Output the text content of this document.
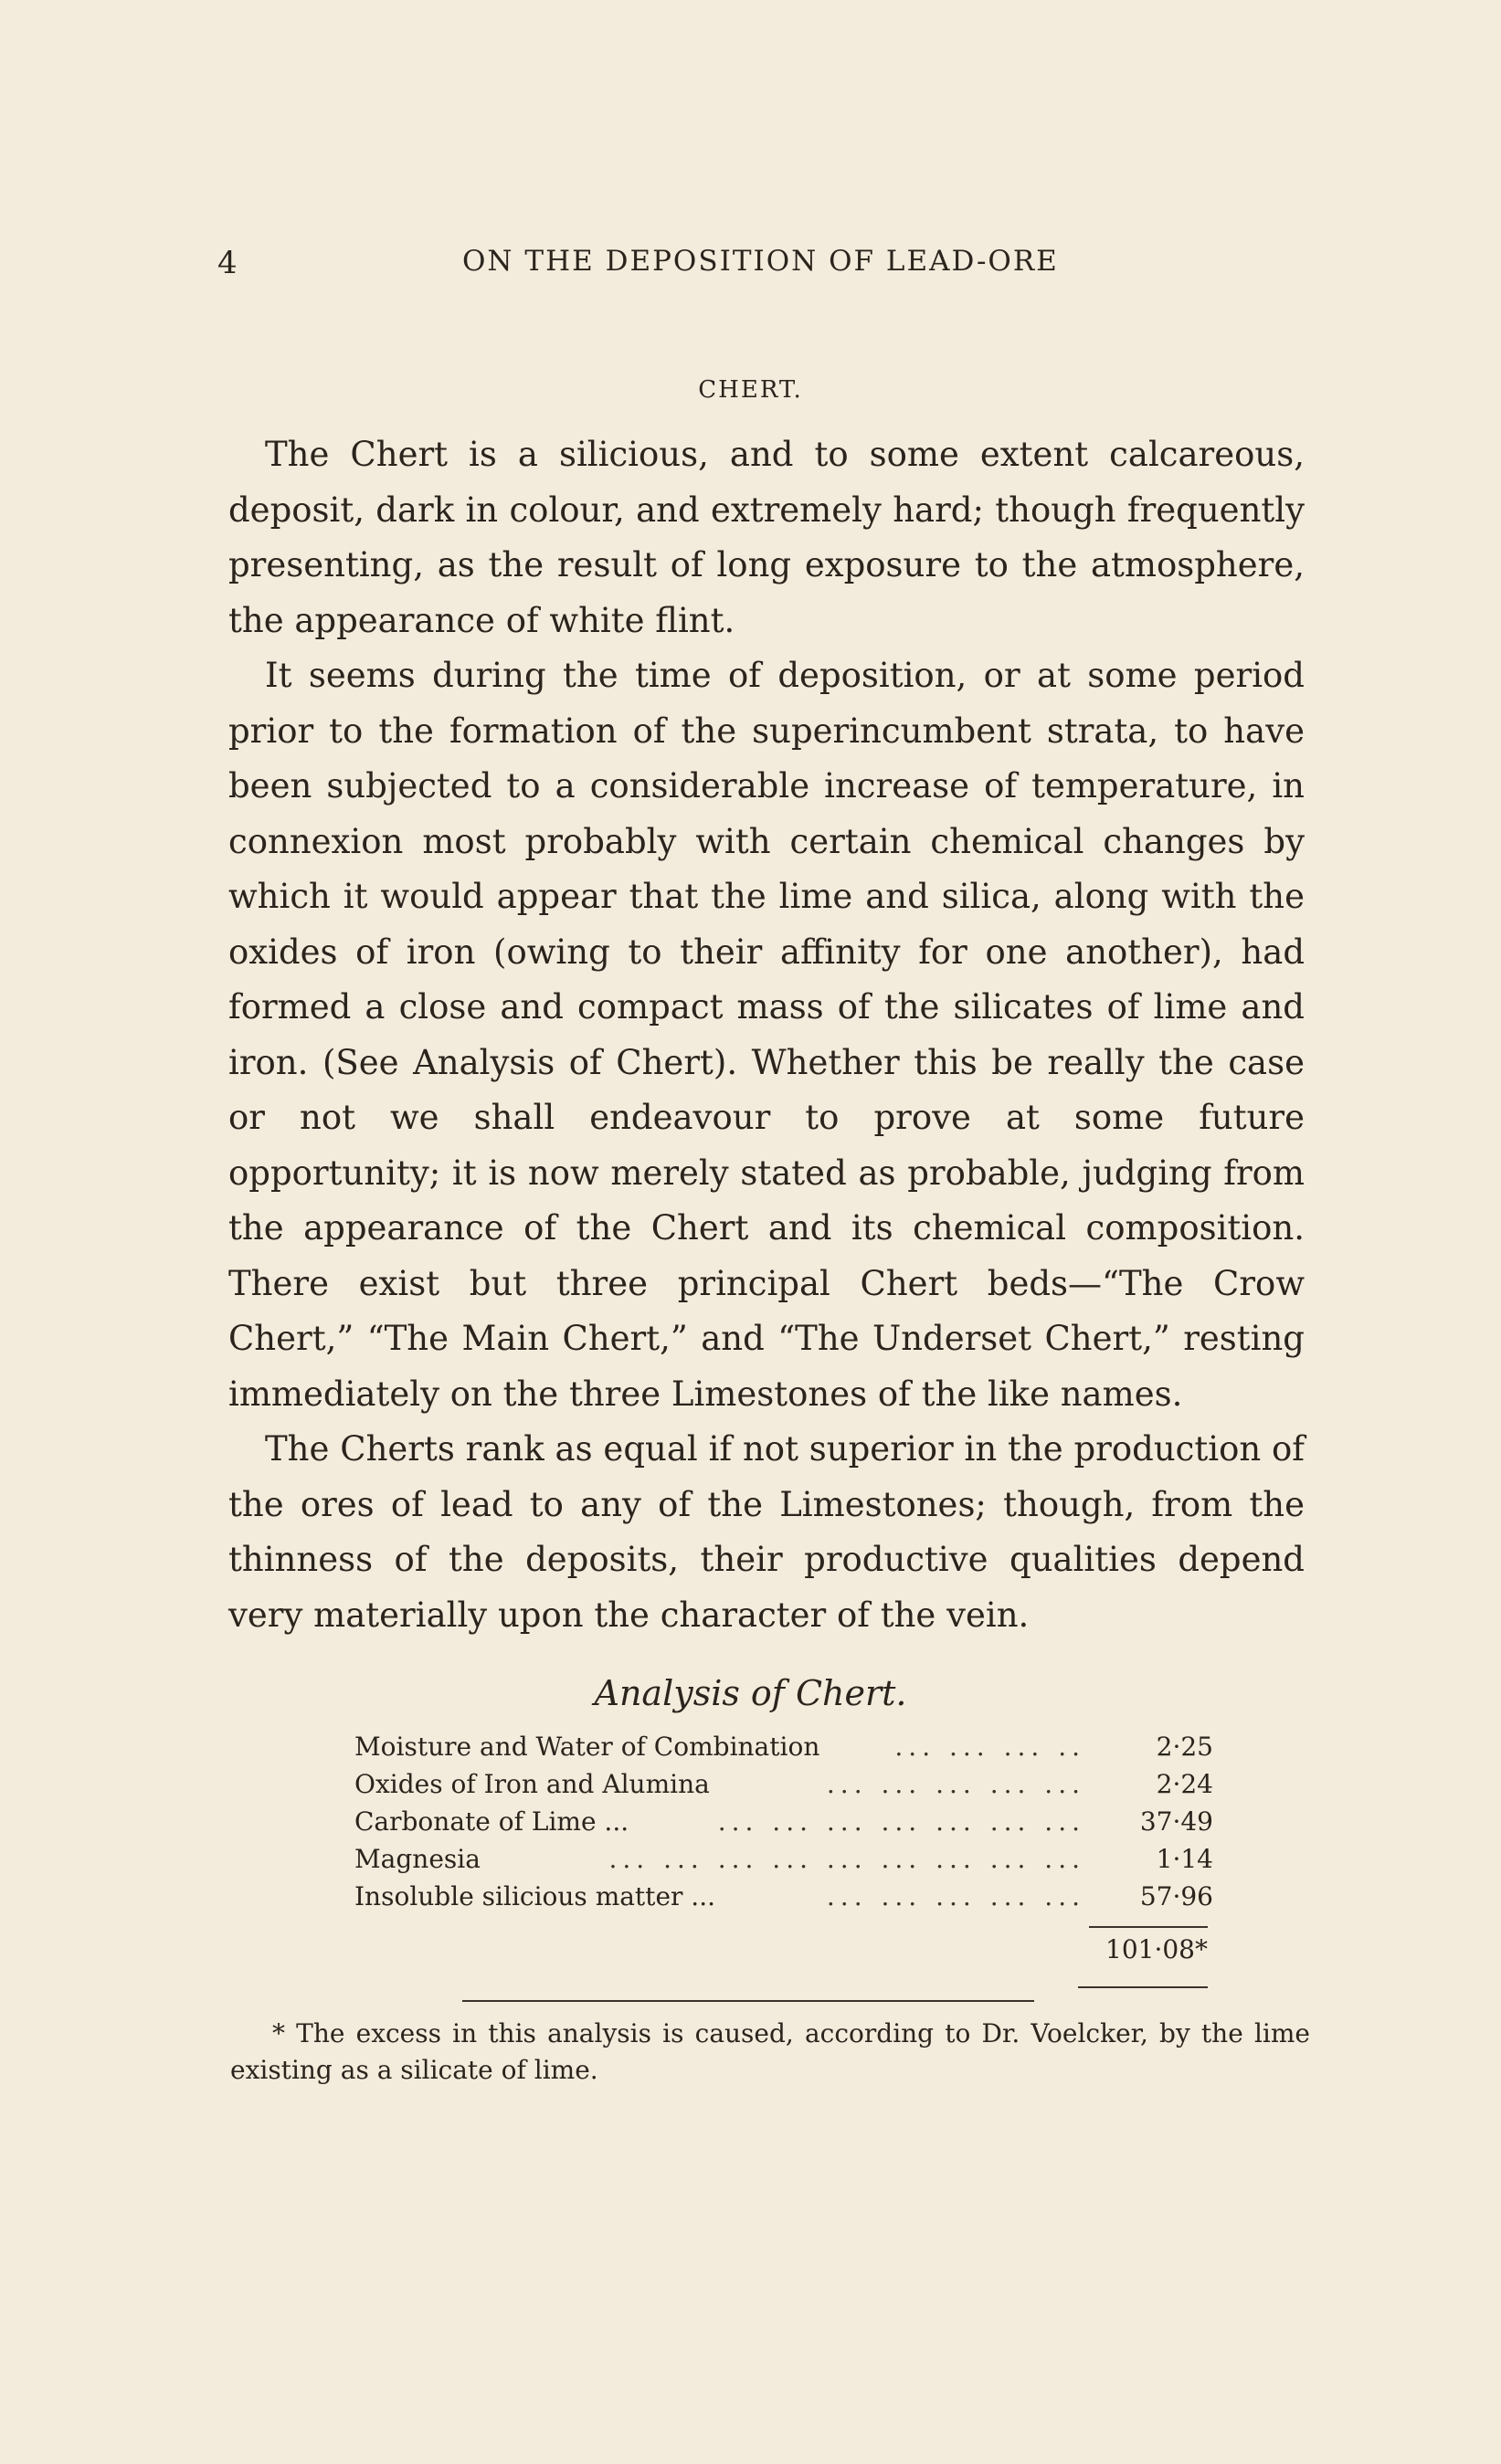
4	ON THE DEPOSITION OF LEAD-ORE
CHERT.

The Chert is a silicious, and to some extent calcareous, deposit, dark in colour, and extremely hard; though frequently presenting, as the result of long exposure to the atmosphere, the appearance of white flint.

It seems during the time of deposition, or at some period prior to the formation of the superincumbent strata, to have been subjected to a considerable increase of temperature, in connexion most probably with certain chemical changes by which it would appear that the lime and silica, along with the oxides of iron (owing to their affinity for one another), had formed a close and compact mass of the silicates of lime and iron. (See Analysis of Chert). Whether this be really the case or not we shall endeavour to prove at some future opportunity; it is now merely stated as probable, judging from the appearance of the Chert and its chemical composition. There exist but three principal Chert beds—“The Crow Chert,” “The Main Chert,” and “The Underset Chert,” resting immediately on the three Limestones of the like names.

The Cherts rank as equal if not superior in the production of the ores of lead to any of the Limestones; though, from the thinness of the deposits, their productive qualities depend very materially upon the character of the vein.

Analysis of Chert.
Moisture and Water of Combination	... ... ... ..	2·25
Oxides of Iron and Alumina	... ... ... ... ...	2·24
Carbonate of Lime ...	... ... ... ... ... ... ...	37·49
Magnesia	... ... ... ... ... ... ... ... ...	1·14
Insoluble silicious matter ...	... ... ... ... ...	57·96
101·08*
* The excess in this analysis is caused, according to Dr. Voelcker, by the lime existing as a silicate of lime.
